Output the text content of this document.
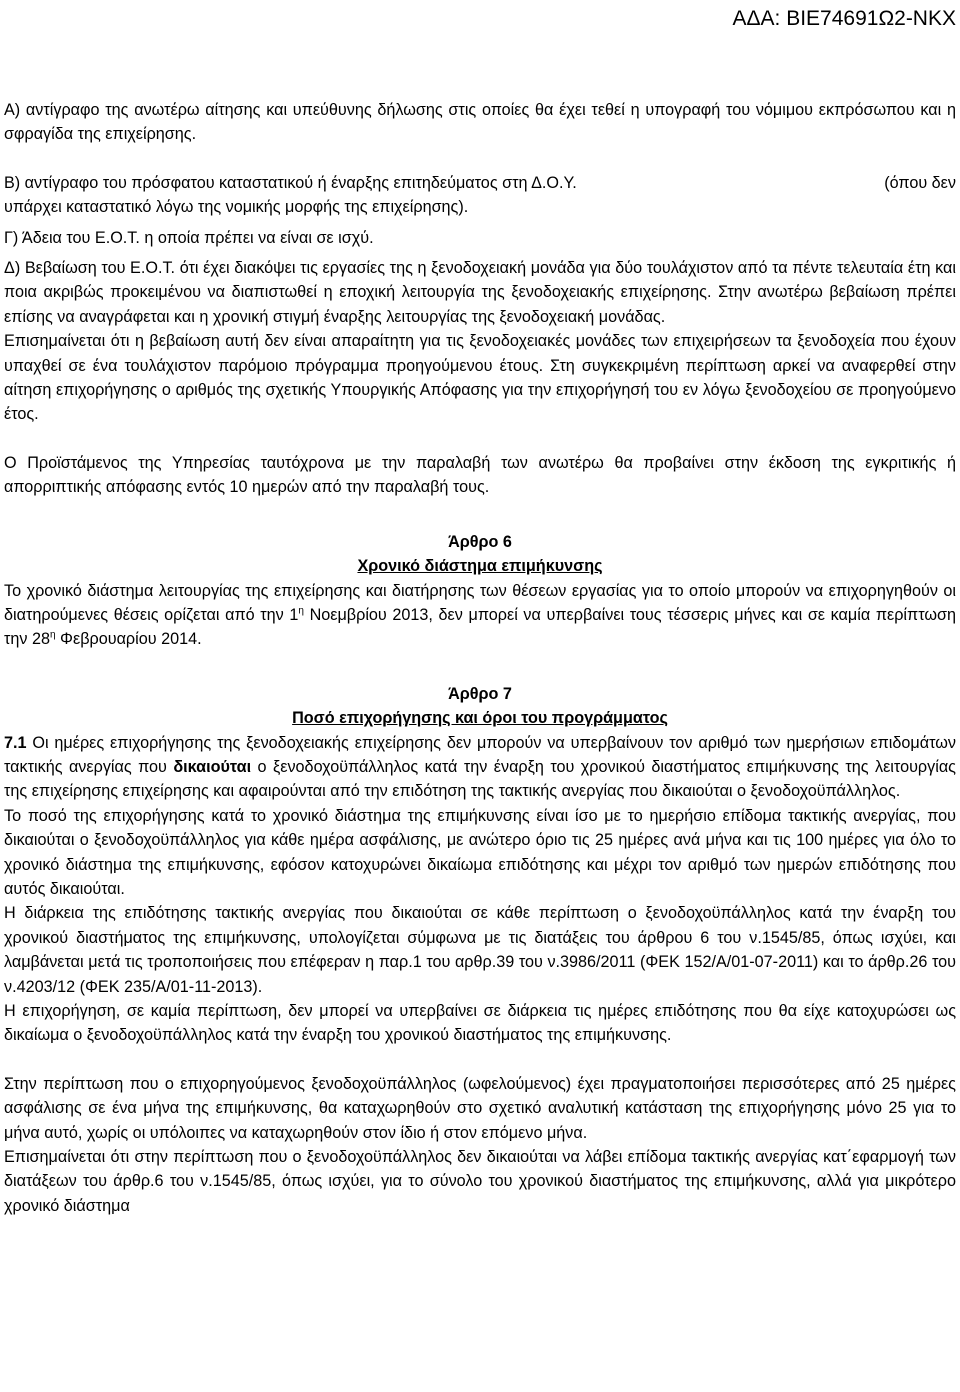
ΑΔΑ: ΒΙΕ74691Ω2-ΝΚΧ

Α) αντίγραφο της ανωτέρω αίτησης και υπεύθυνης δήλωσης στις οποίες θα έχει τεθεί η υπογραφή του νόμιμου εκπρόσωπου και η σφραγίδα της επιχείρησης.

Β) αντίγραφο του πρόσφατου καταστατικού ή έναρξης επιτηδεύματος στη Δ.Ο.Υ.	(όπου δεν

υπάρχει καταστατικό λόγω της νομικής μορφής της επιχείρησης).

Γ) Άδεια του Ε.Ο.Τ. η οποία πρέπει να είναι σε ισχύ.

Δ) Βεβαίωση του Ε.Ο.Τ. ότι έχει διακόψει τις εργασίες της η ξενοδοχειακή μονάδα για δύο τουλάχιστον από τα πέντε τελευταία έτη και ποια ακριβώς προκειμένου να διαπιστωθεί η εποχική λειτουργία της ξενοδοχειακής επιχείρησης. Στην ανωτέρω βεβαίωση πρέπει επίσης να αναγράφεται και η χρονική στιγμή έναρξης λειτουργίας της ξενοδοχειακή μονάδας.

Επισημαίνεται ότι η βεβαίωση αυτή δεν είναι απαραίτητη για τις ξενοδοχειακές μονάδες των επιχειρήσεων τα ξενοδοχεία που έχουν υπαχθεί σε ένα τουλάχιστον παρόμοιο πρόγραμμα προηγούμενου έτους. Στη συγκεκριμένη περίπτωση αρκεί να αναφερθεί στην αίτηση επιχορήγησης ο αριθμός της σχετικής Υπουργικής Απόφασης για την επιχορήγησή του εν λόγω ξενοδοχείου σε προηγούμενο έτος.

Ο Προϊστάμενος της Υπηρεσίας ταυτόχρονα με την παραλαβή των ανωτέρω θα προβαίνει στην έκδοση της εγκριτικής ή απορριπτικής απόφασης εντός 10 ημερών από την παραλαβή τους.

Άρθρο 6

Χρονικό διάστημα επιμήκυνσης

Το χρονικό διάστημα λειτουργίας της επιχείρησης και διατήρησης των θέσεων εργασίας για το οποίο μπορούν να επιχορηγηθούν οι διατηρούμενες θέσεις ορίζεται από την $1^\eta$ Νοεμβρίου 2013, δεν μπορεί να υπερβαίνει τους τέσσερις μήνες και σε καμία περίπτωση την $28^\eta$ Φεβρουαρίου 2014.

Άρθρο 7

Ποσό επιχορήγησης και όροι του προγράμματος

7.1 Οι ημέρες επιχορήγησης της ξενοδοχειακής επιχείρησης δεν μπορούν να υπερβαίνουν τον αριθμό των ημερήσιων επιδομάτων τακτικής ανεργίας που δικαιούται ο ξενοδοχοϋπάλληλος κατά την έναρξη του χρονικού διαστήματος επιμήκυνσης της λειτουργίας της επιχείρησης επιχείρησης και αφαιρούνται από την επιδότηση της τακτικής ανεργίας που δικαιούται ο ξενοδοχοϋπάλληλος.

Το ποσό της επιχορήγησης κατά το χρονικό διάστημα της επιμήκυνσης είναι ίσο με το ημερήσιο επίδομα τακτικής ανεργίας, που δικαιούται ο ξενοδοχοϋπάλληλος για κάθε ημέρα ασφάλισης, με ανώτερο όριο τις 25 ημέρες ανά μήνα και τις 100 ημέρες για όλο το χρονικό διάστημα της επιμήκυνσης, εφόσον κατοχυρώνει δικαίωμα επιδότησης και μέχρι τον αριθμό των ημερών επιδότησης που αυτός δικαιούται.

Η διάρκεια της επιδότησης τακτικής ανεργίας που δικαιούται σε κάθε περίπτωση ο ξενοδοχοϋπάλληλος κατά την έναρξη του χρονικού διαστήματος της επιμήκυνσης, υπολογίζεται σύμφωνα με τις διατάξεις του άρθρου 6 του ν.1545/85, όπως ισχύει, και λαμβάνεται μετά τις τροποποιήσεις που επέφεραν η παρ.1 του αρθρ.39 του ν.3986/2011 (ΦΕΚ 152/Α/01-07-2011) και το άρθρ.26 του ν.4203/12 (ΦΕΚ 235/Α/01-11-2013).

Η επιχορήγηση, σε καμία περίπτωση, δεν μπορεί να υπερβαίνει σε διάρκεια τις ημέρες επιδότησης που θα είχε κατοχυρώσει ως δικαίωμα ο ξενοδοχοϋπάλληλος κατά την έναρξη του χρονικού διαστήματος της επιμήκυνσης.

Στην περίπτωση που ο επιχορηγούμενος ξενοδοχοϋπάλληλος (ωφελούμενος) έχει πραγματοποιήσει περισσότερες από 25 ημέρες ασφάλισης σε ένα μήνα της επιμήκυνσης, θα καταχωρηθούν στο σχετικό αναλυτική κατάσταση της επιχορήγησης μόνο 25 για το μήνα αυτό, χωρίς οι υπόλοιπες να καταχωρηθούν στον ίδιο ή στον επόμενο μήνα.

Επισημαίνεται ότι στην περίπτωση που ο ξενοδοχοϋπάλληλος δεν δικαιούται να λάβει επίδομα τακτικής ανεργίας κατ΄εφαρμογή των διατάξεων του άρθρ.6 του ν.1545/85, όπως ισχύει, για το σύνολο του χρονικού διαστήματος της επιμήκυνσης, αλλά για μικρότερο χρονικό διάστημα
